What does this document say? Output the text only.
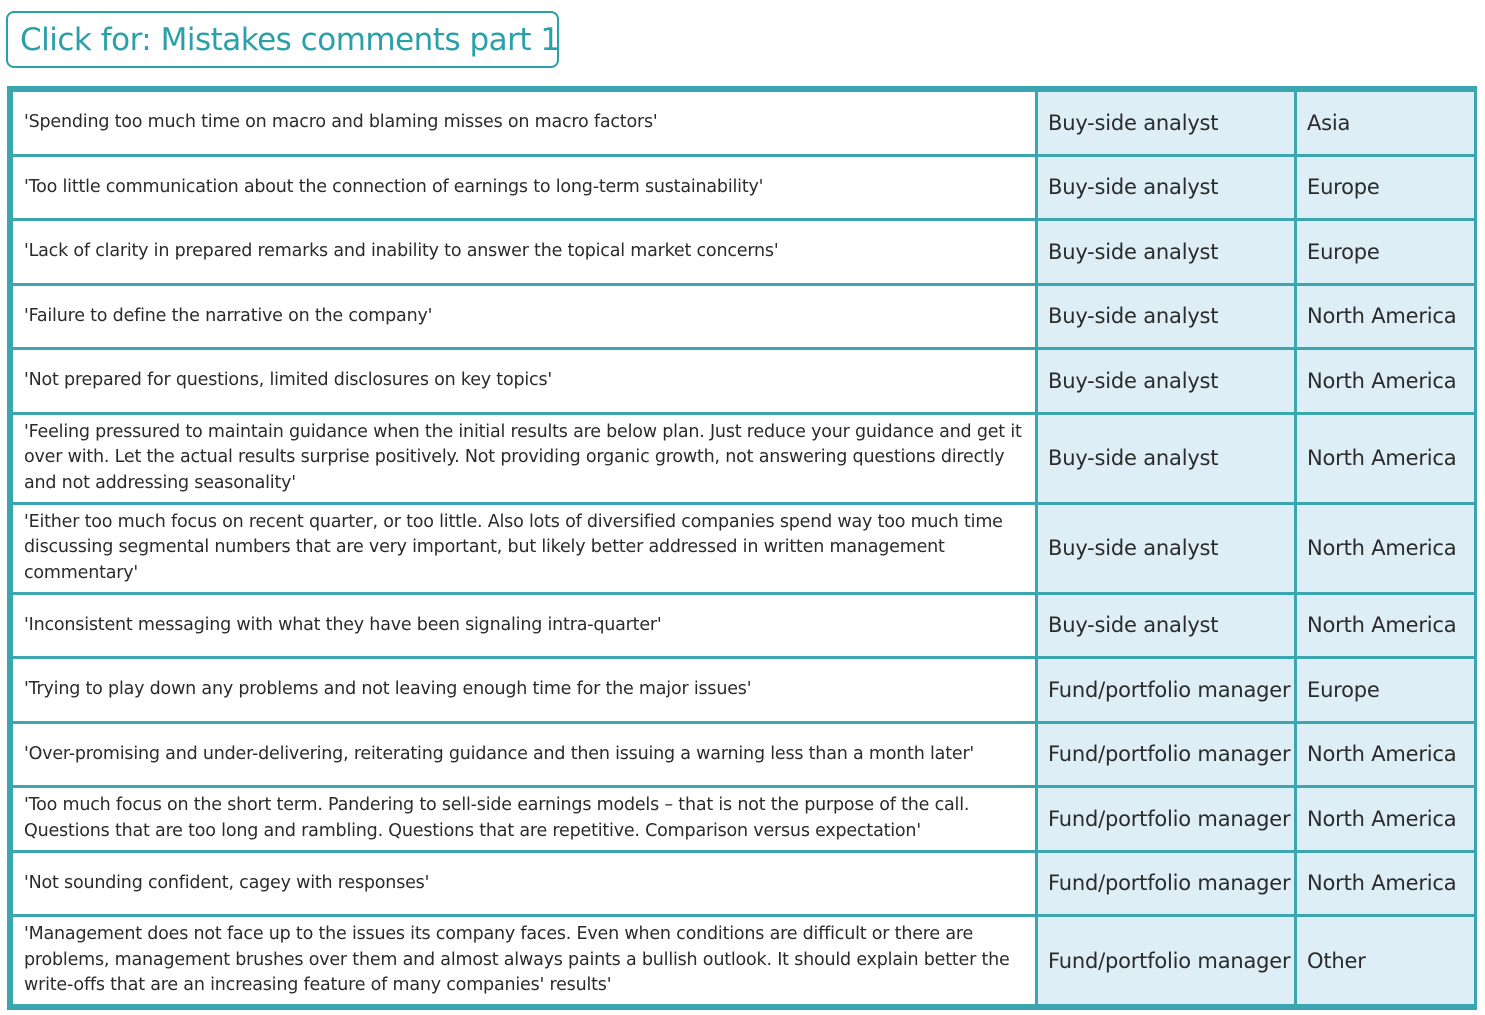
Click for: Mistakes comments part 1
'Spending too much time on macro and blaming misses on macro factors'	Buy-side analyst	Asia
'Too little communication about the connection of earnings to long-term sustainability'	Buy-side analyst	Europe
'Lack of clarity in prepared remarks and inability to answer the topical market concerns'	Buy-side analyst	Europe
'Failure to define the narrative on the company'	Buy-side analyst	North America
'Not prepared for questions, limited disclosures on key topics'	Buy-side analyst	North America
'Feeling pressured to maintain guidance when the initial results are below plan. Just reduce your guidance and get it over with. Let the actual results surprise positively. Not providing organic growth, not answering questions directly and not addressing seasonality'	Buy-side analyst	North America
'Either too much focus on recent quarter, or too little. Also lots of diversified companies spend way too much time discussing segmental numbers that are very important, but likely better addressed in written management commentary'	Buy-side analyst	North America
'Inconsistent messaging with what they have been signaling intra-quarter'	Buy-side analyst	North America
'Trying to play down any problems and not leaving enough time for the major issues'	Fund/portfolio manager	Europe
'Over-promising and under-delivering, reiterating guidance and then issuing a warning less than a month later'	Fund/portfolio manager	North America
'Too much focus on the short term. Pandering to sell-side earnings models – that is not the purpose of the call. Questions that are too long and rambling. Questions that are repetitive. Comparison versus expectation'	Fund/portfolio manager	North America
'Not sounding confident, cagey with responses'	Fund/portfolio manager	North America
'Management does not face up to the issues its company faces. Even when conditions are difficult or there are problems, management brushes over them and almost always paints a bullish outlook. It should explain better the write-offs that are an increasing feature of many companies' results'	Fund/portfolio manager	Other
